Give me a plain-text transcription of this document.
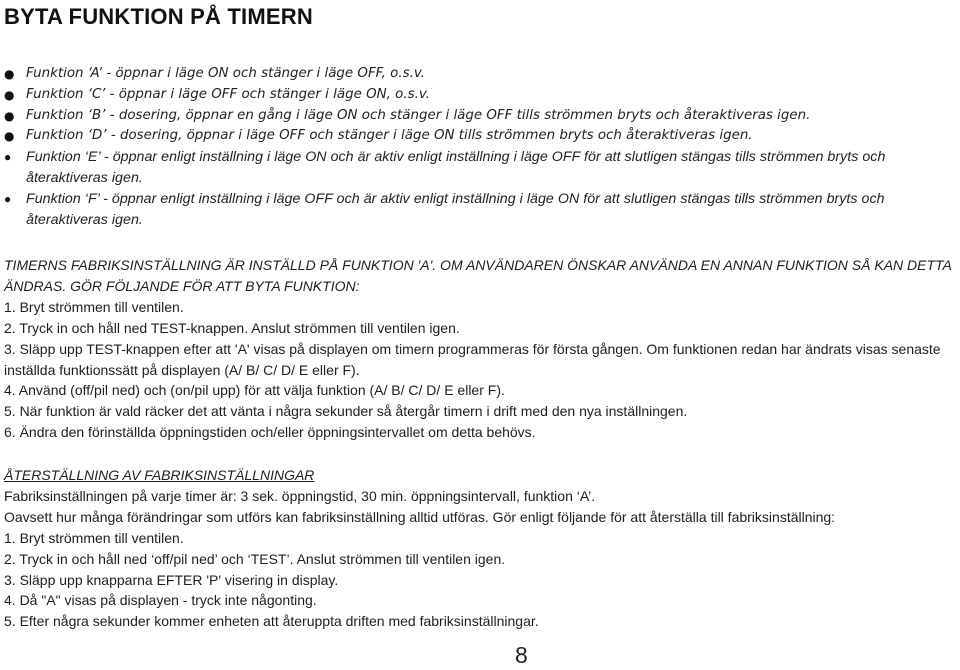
BYTA FUNKTION PÅ TIMERN
● Funktion ‘A’ - öppnar i läge ON och stänger i läge OFF, o.s.v.
● Funktion ‘C’ - öppnar i läge OFF och stänger i läge ON, o.s.v.
● Funktion ‘B’ - dosering, öppnar en gång i läge ON och stänger i läge OFF tills strömmen bryts och återaktiveras igen.
● Funktion ‘D’ - dosering, öppnar i läge OFF och stänger i läge ON tills strömmen bryts och återaktiveras igen.
● Funktion ‘E’ - öppnar enligt inställning i läge ON och är aktiv enligt inställning i läge OFF för att slutligen stängas tills strömmen bryts och återaktiveras igen.
● Funktion ‘F’ - öppnar enligt inställning i läge OFF och är aktiv enligt inställning i läge ON för att slutligen stängas tills strömmen bryts och återaktiveras igen.
TIMERNS FABRIKSINSTÄLLNING ÄR INSTÄLLD PÅ FUNKTION 'A'. OM ANVÄNDAREN ÖNSKAR ANVÄNDA EN ANNAN FUNKTION SÅ KAN DETTA ÄNDRAS. GÖR FÖLJANDE FÖR ATT BYTA FUNKTION:
1. Bryt strömmen till ventilen.
2. Tryck in och håll ned TEST-knappen. Anslut strömmen till ventilen igen.
3. Släpp upp TEST-knappen efter att 'A' visas på displayen om timern programmeras för första gången. Om funktionen redan har ändrats visas senaste inställda funktionssätt på displayen (A/ B/ C/ D/ E eller F).
4. Använd (off/pil ned) och (on/pil upp) för att välja funktion (A/ B/ C/ D/ E eller F).
5. När funktion är vald räcker det att vänta i några sekunder så återgår timern i drift med den nya inställningen.
6. Ändra den förinställda öppningstiden och/eller öppningsintervallet om detta behövs.
ÅTERSTÄLLNING AV FABRIKSINSTÄLLNINGAR
Fabriksinställningen på varje timer är: 3 sek. öppningstid, 30 min. öppningsintervall, funktion ‘A’.
Oavsett hur många förändringar som utförs kan fabriksinställning alltid utföras. Gör enligt följande för att återställa till fabriksinställning:
1. Bryt strömmen till ventilen.
2. Tryck in och håll ned ‘off/pil ned’ och ‘TEST’. Anslut strömmen till ventilen igen.
3. Släpp upp knapparna EFTER 'P' visering in display.
4. Då "A" visas på displayen - tryck inte någonting.
5. Efter några sekunder kommer enheten att återuppta driften med fabriksinställningar.
8
